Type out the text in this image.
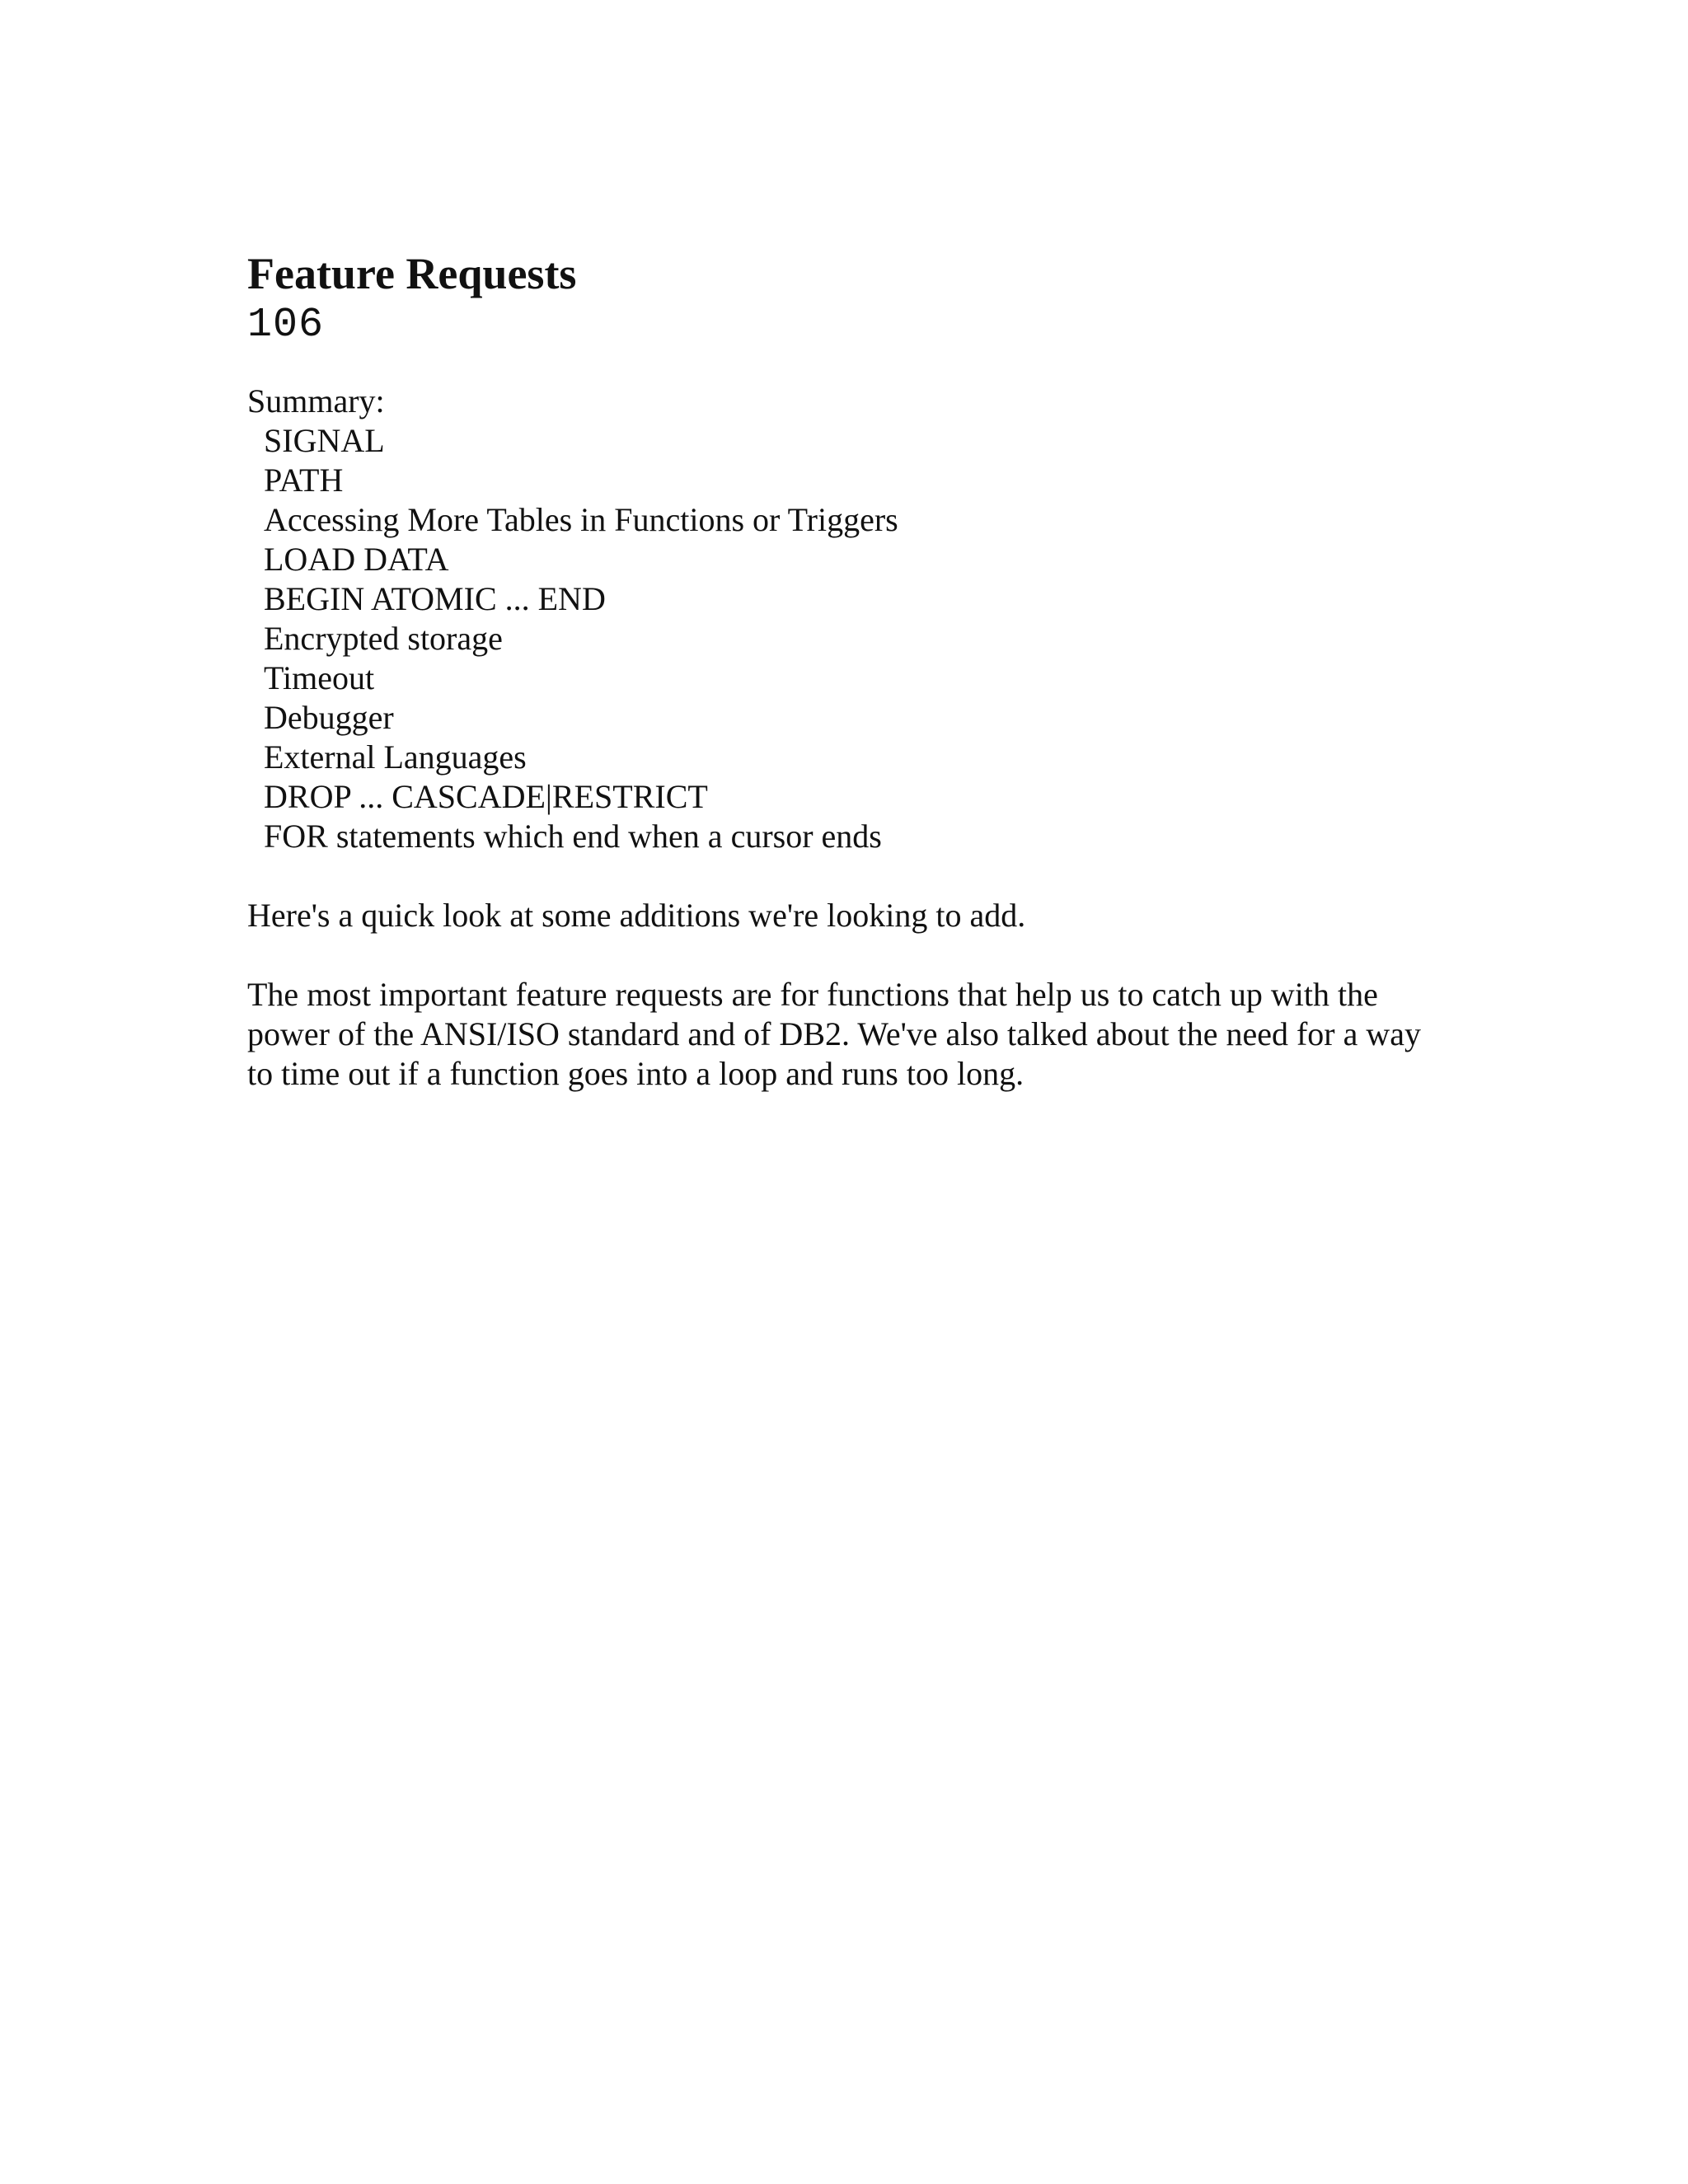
Feature Requests
106
Summary:
SIGNAL
PATH
Accessing More Tables in Functions or Triggers
LOAD DATA
BEGIN ATOMIC ... END
Encrypted storage
Timeout
Debugger
External Languages
DROP ... CASCADE|RESTRICT
FOR statements which end when a cursor ends

Here's a quick look at some additions we're looking to add.

The most important feature requests are for functions that help us to catch up with the power of the ANSI/ISO standard and of DB2. We've also talked about the need for a way to time out if a function goes into a loop and runs too long.
